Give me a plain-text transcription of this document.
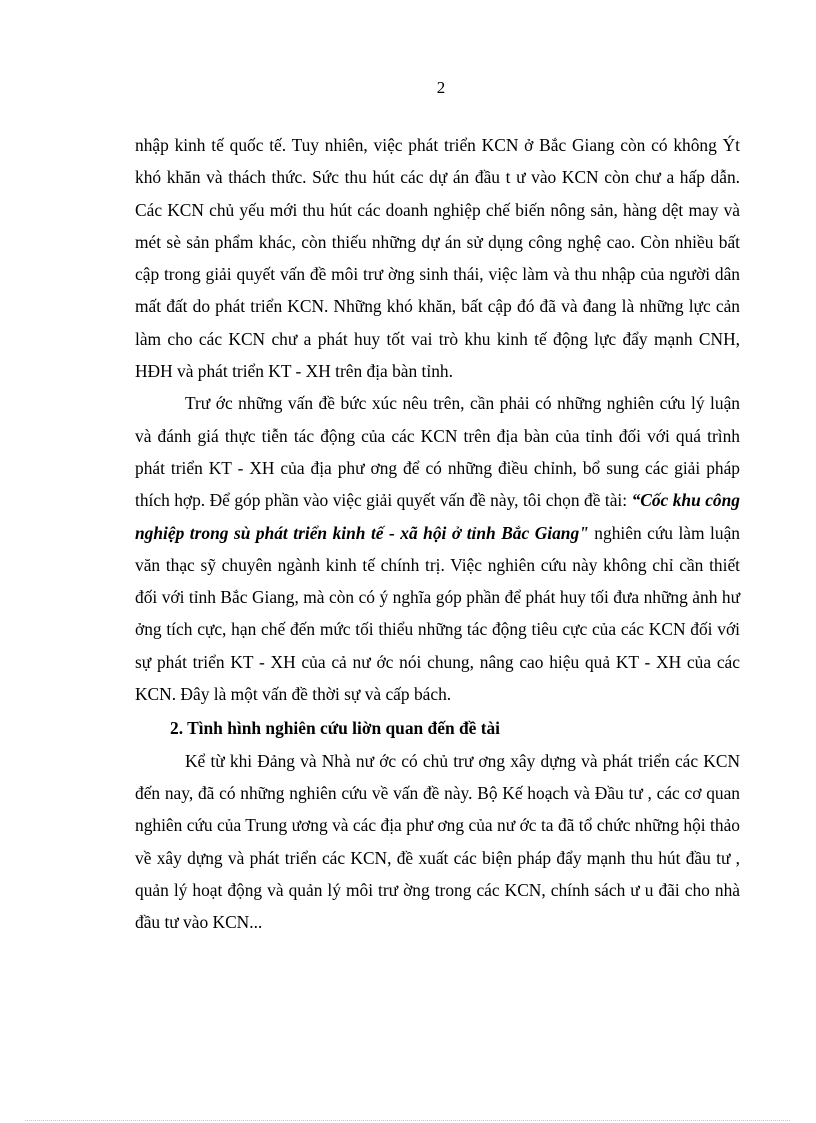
2

nhập kinh tế quốc tế. Tuy nhiên, việc phát triển KCN ở Bắc Giang còn có không Ýt khó khăn và thách thức. Sức thu hút các dự án đầu t ư vào KCN còn chư a hấp dẫn. Các KCN chủ yếu mới thu hút các doanh nghiệp chế biến nông sản, hàng dệt may và mét sè sản phẩm khác, còn thiếu những dự án sử dụng công nghệ cao. Còn nhiều bất cập trong giải quyết vấn đề môi trư ờng sinh thái, việc làm và thu nhập của người dân mất đất do phát triển KCN. Những khó khăn, bất cập đó đã và đang là những lực cản làm cho các KCN chư a phát huy tốt vai trò khu kinh tế động lực đẩy mạnh CNH, HĐH và phát triển KT - XH trên địa bàn tỉnh.

Trư ớc những vấn đề bức xúc nêu trên, cần phải có những nghiên cứu lý luận và đánh giá thực tiễn tác động của các KCN trên địa bàn của tỉnh đối với quá trình phát triển KT - XH của địa phư ơng để có những điều chỉnh, bổ sung các giải pháp thích hợp. Để góp phần vào việc giải quyết vấn đề này, tôi chọn đề tài: “Cốc khu công nghiệp trong sù phát triển kinh tế - xã hội ở tỉnh Bắc Giang" nghiên cứu làm luận văn thạc sỹ chuyên ngành kinh tế chính trị. Việc nghiên cứu này không chỉ cần thiết đối với tỉnh Bắc Giang, mà còn có ý nghĩa góp phần để phát huy tối đưa những ảnh hư ởng tích cực, hạn chế đến mức tối thiểu những tác động tiêu cực của các KCN đối với sự phát triển KT - XH của cả nư ớc nói chung, nâng cao hiệu quả KT - XH của các KCN. Đây là một vấn đề thời sự và cấp bách.

2. Tình hình nghiên cứu liờn quan đến đề tài

Kể từ khi Đảng và Nhà nư ớc có chủ trư ơng xây dựng và phát triển các KCN đến nay, đã có những nghiên cứu về vấn đề này. Bộ Kế hoạch và Đầu tư , các cơ quan nghiên cứu của Trung ương và các địa phư ơng của nư ớc ta đã tổ chức những hội thảo về xây dựng và phát triển các KCN, đề xuất các biện pháp đẩy mạnh thu hút đầu tư , quản lý hoạt động và quản lý môi trư ờng trong các KCN, chính sách ư u đãi cho nhà đầu tư vào KCN...
